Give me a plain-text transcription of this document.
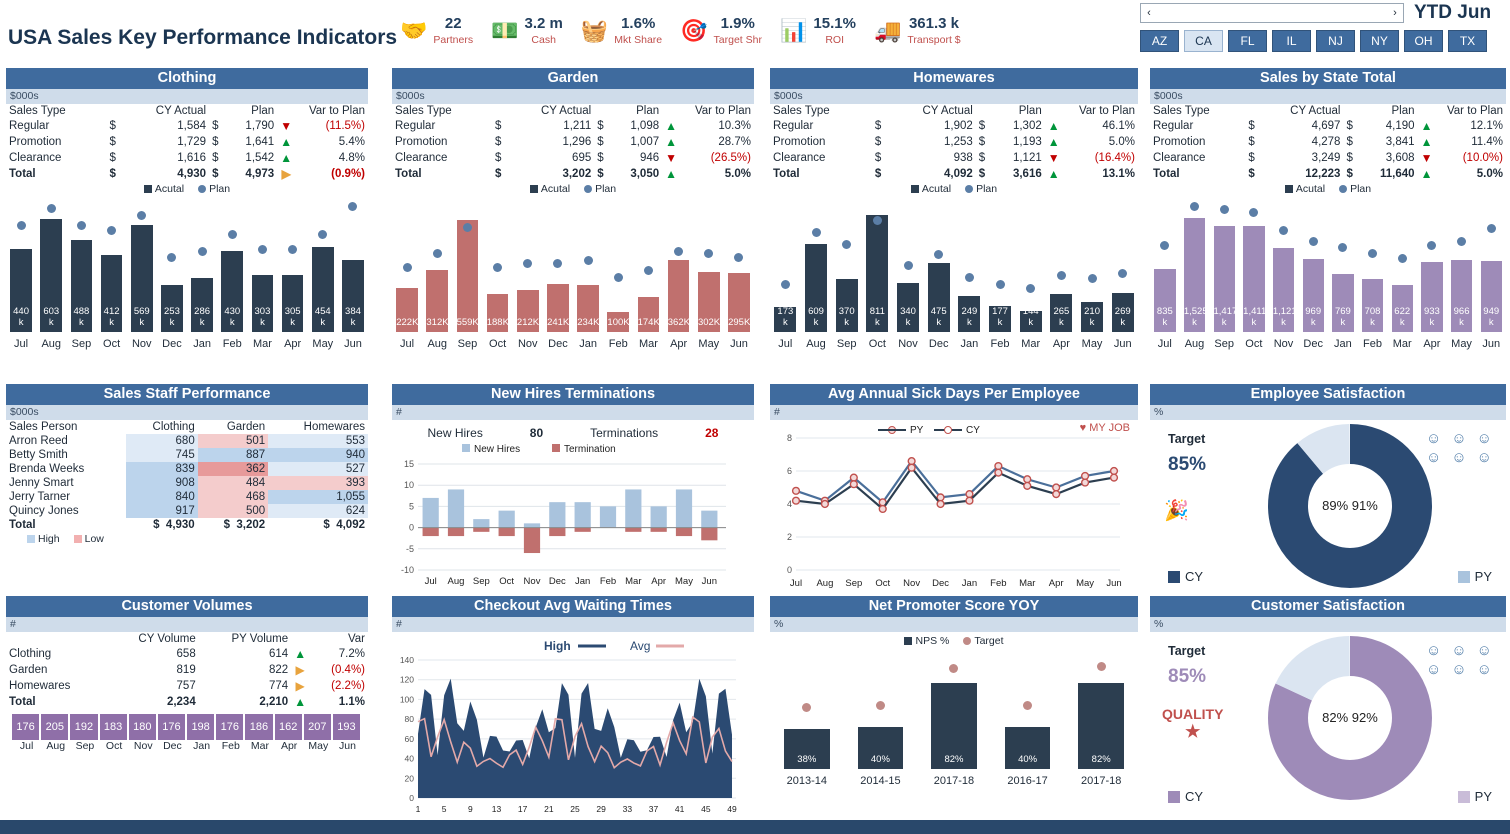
USA Sales Key Performance Indicators 🤝	22
Partners 💵 3.2 m
Cash	🧺 1.6%
Mkt Share 🎯 1.9%
Target Shr 📊 15.1%
ROI	🚚 361.3 k
Transport $
‹	› YTD Jun
AZ	CA	FL	IL	NJ	NY	OH	TX
Clothing
$000s
Sales Type		CY Actual		Plan	Var to Plan	
Regular	$	1,584	$	1,790	▼	(11.5%)
Promotion	$	1,729	$	1,641	▲	5.4%
Clearance	$	1,616	$	1,542	▲	4.8%
Total	$	4,930	$	4,973	▶	(0.9%)
Acutal	Plan
440 k
603 k
488 k
412 k
569 k
253 k
286 k
430 k
303 k
305 k
454 k
384 k
Jul	Aug Sep	Oct	Nov Dec	Jan	Feb	Mar	Apr	May Jun
Garden
$000s
Sales Type		CY Actual		Plan	Var to Plan	
Regular	$	1,211	$	1,098	▲	10.3%
Promotion	$	1,296	$	1,007	▲	28.7%
Clearance	$	695	$	946	▼	(26.5%)
Total	$	3,202	$	3,050	▲	5.0%
Acutal	Plan
222K 312K 559K 188K 212K 241K 234K 100K 174K 362K 302K 295K
Jul	Aug Sep	Oct	Nov Dec	Jan	Feb	Mar	Apr	May Jun
Homewares
$000s
Sales Type		CY Actual		Plan	Var to Plan	
Regular	$	1,902	$	1,302	▲	46.1%
Promotion	$	1,253	$	1,193	▲	5.0%
Clearance	$	938	$	1,121	▼	(16.4%)
Total	$	4,092	$	3,616	▲	13.1%
Acutal	Plan
173 k
609 k
370 k
811 k
340 k
475 k
249 k
177 k
144 k
265 k
210 k
269 k
Jul	Aug	Sep	Oct	Nov	Dec	Jan	Feb	Mar	Apr	May	Jun
Sales by State Total
$000s
Sales Type		CY Actual		Plan	Var to Plan	
Regular	$	4,697	$	4,190	▲	12.1%
Promotion	$	4,278	$	3,841	▲	11.4%
Clearance	$	3,249	$	3,608	▼	(10.0%)
Total	$	12,223	$	11,640	▲	5.0%
Acutal	Plan
835 k
1,525 k
1,417 k
1,411 k
1,121 k
969 k
769 k
708 k
622 k
933 k
966 k
949 k
Jul	Aug Sep	Oct	Nov Dec	Jan	Feb Mar	Apr May Jun
Sales Staff Performance
$000s
Sales Person	Clothing	Garden	Homewares
Arron Reed	680	501	553
Betty Smith	745	887	940
Brenda Weeks	839	362	527
Jenny Smart	908	484	393
Jerry Tarner	840	468	1,055
Quincy Jones	917	500	624
Total	$  4,930	$  3,202	$  4,092
High Low
New Hires Terminations
#
New Hires	80	Terminations	28
-10
-5
0
5
10
15
Jul Aug Sep Oct Nov Dec Jan Feb Mar Apr May Jun
New Hires	Termination
Avg Annual Sick Days Per Employee
#
0
2
4
6
8
Jul Aug Sep Oct Nov Dec Jan Feb Mar Apr May Jun
PY	CY	♥ MY JOB
Employee Satisfaction
%
Target
85%
89% 91%
CY	PY
☺ ☺ ☺
☺ ☺ ☺
🎉
Customer Volumes
#
	CY Volume	PY Volume	Var	
Clothing	658	614	▲	7.2%
Garden	819	822	▶	(0.4%)
Homewares	757	774	▶	(2.2%)
Total	2,234	2,210	▲	1.1%
176 205 192 183 180 176 198 176 186 162 207 193
Jul	Aug Sep	Oct	Nov Dec	Jan	Feb	Mar	Apr	May	Jun
Checkout Avg Waiting Times
#
0
20
40
60
80
100
120
140
1	5	9 13 17 21 25 29 33 37 41 45 49
High	Avg
Net Promoter Score YOY
%
NPS %	Target
38%	40%	82%	40%	82%
2013-14	2014-15	2017-18	2016-17	2017-18
Customer Satisfaction
%
Target
85%
82% 92%
CY	PY
☺ ☺ ☺
☺ ☺ ☺
QUALITY
★
